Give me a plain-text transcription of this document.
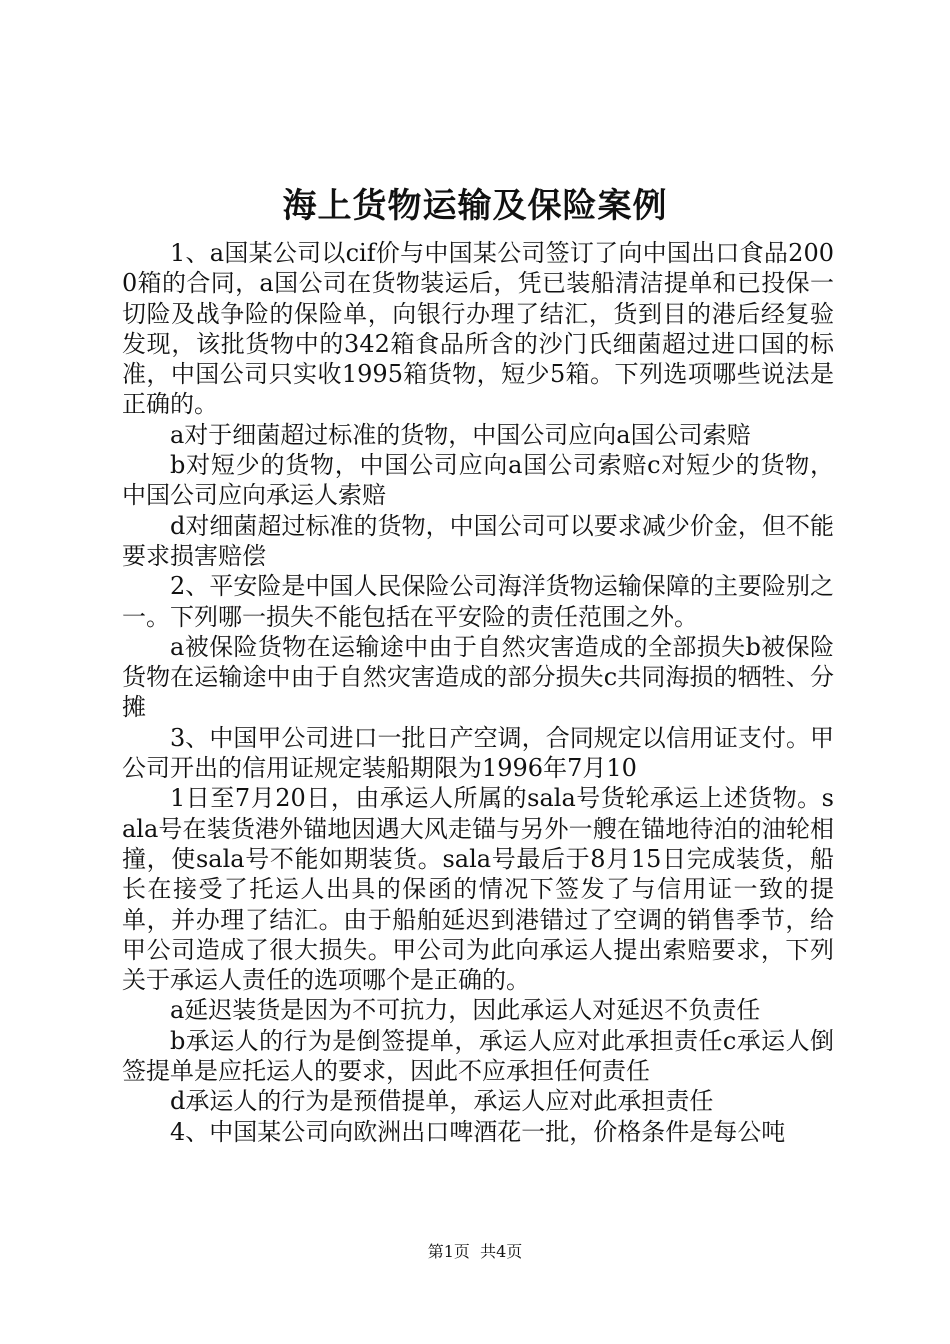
海上货物运输及保险案例

1、a国某公司以cif价与中国某公司签订了向中国出口食品2000箱的合同，a国公司在货物装运后，凭已装船清洁提单和已投保一切险及战争险的保险单，向银行办理了结汇，货到目的港后经复验发现，该批货物中的342箱食品所含的沙门氏细菌超过进口国的标准，中国公司只实收1995箱货物，短少5箱。下列选项哪些说法是正确的。

a对于细菌超过标准的货物，中国公司应向a国公司索赔

b对短少的货物，中国公司应向a国公司索赔c对短少的货物，中国公司应向承运人索赔

d对细菌超过标准的货物，中国公司可以要求减少价金，但不能要求损害赔偿

2、平安险是中国人民保险公司海洋货物运输保障的主要险别之一。下列哪一损失不能包括在平安险的责任范围之外。

a被保险货物在运输途中由于自然灾害造成的全部损失b被保险货物在运输途中由于自然灾害造成的部分损失c共同海损的牺牲、分摊

3、中国甲公司进口一批日产空调，合同规定以信用证支付。甲公司开出的信用证规定装船期限为1996年7月10

1日至7月20日，由承运人所属的sala号货轮承运上述货物。sala号在装货港外锚地因遇大风走锚与另外一艘在锚地待泊的油轮相撞，使sala号不能如期装货。sala号最后于8月15日完成装货，船长在接受了托运人出具的保函的情况下签发了与信用证一致的提单，并办理了结汇。由于船舶延迟到港错过了空调的销售季节，给甲公司造成了很大损失。甲公司为此向承运人提出索赔要求，下列关于承运人责任的选项哪个是正确的。

a延迟装货是因为不可抗力，因此承运人对延迟不负责任

b承运人的行为是倒签提单，承运人应对此承担责任c承运人倒签提单是应托运人的要求，因此不应承担任何责任

d承运人的行为是预借提单，承运人应对此承担责任

4、中国某公司向欧洲出口啤酒花一批，价格条件是每公吨

第1页 共4页
